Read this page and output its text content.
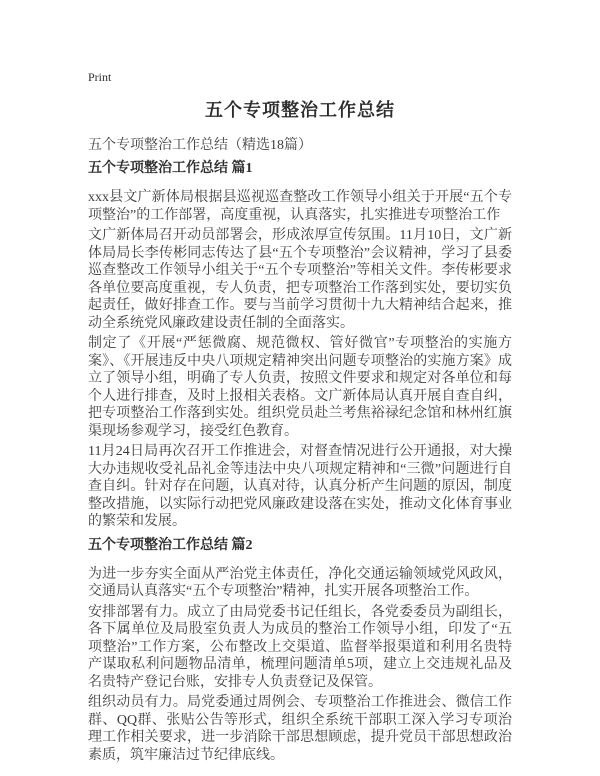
Print
五个专项整治工作总结
五个专项整治工作总结（精选18篇）
五个专项整治工作总结 篇1

xxx县文广新体局根据县巡视巡查整改工作领导小组关于开展“五个专项整治”的工作部署，高度重视，认真落实，扎实推进专项整治工作

文广新体局召开动员部署会，形成浓厚宣传氛围。11月10日，文广新体局局长李传彬同志传达了县“五个专项整治”会议精神，学习了县委巡查整改工作领导小组关于“五个专项整治”等相关文件。李传彬要求各单位要高度重视，专人负责，把专项整治工作落到实处，要切实负起责任，做好排查工作。要与当前学习贯彻十九大精神结合起来，推动全系统党风廉政建设责任制的全面落实。

制定了《开展“严惩微腐、规范微权、管好微官”专项整治的实施方案》、《开展违反中央八项规定精神突出问题专项整治的实施方案》成立了领导小组，明确了专人负责，按照文件要求和规定对各单位和每个人进行排查，及时上报相关表格。文广新体局认真开展自查自纠，把专项整治工作落到实处。组织党员赴兰考焦裕禄纪念馆和林州红旗渠现场参观学习，接受红色教育。

11月24日局再次召开工作推进会，对督查情况进行公开通报，对大操大办违规收受礼品礼金等违法中央八项规定精神和“三微”问题进行自查自纠。针对存在问题，认真对待，认真分析产生问题的原因，制度整改措施，以实际行动把党风廉政建设落在实处，推动文化体育事业的繁荣和发展。

五个专项整治工作总结 篇2

为进一步夯实全面从严治党主体责任，净化交通运输领域党风政风，交通局认真落实“五个专项整治”精神，扎实开展各项整治工作。

安排部署有力。成立了由局党委书记任组长，各党委委员为副组长，各下属单位及局股室负责人为成员的整治工作领导小组，印发了“五项整治”工作方案，公布整改上交渠道、监督举报渠道和利用名贵特产谋取私利问题物品清单，梳理问题清单5项，建立上交违规礼品及名贵特产登记台账，安排专人负责登记及保管。

组织动员有力。局党委通过周例会、专项整治工作推进会、微信工作群、QQ群、张贴公告等形式，组织全系统干部职工深入学习专项治理工作相关要求，进一步消除干部思想顾虑，提升党员干部思想政治素质，筑牢廉洁过节纪律底线。
